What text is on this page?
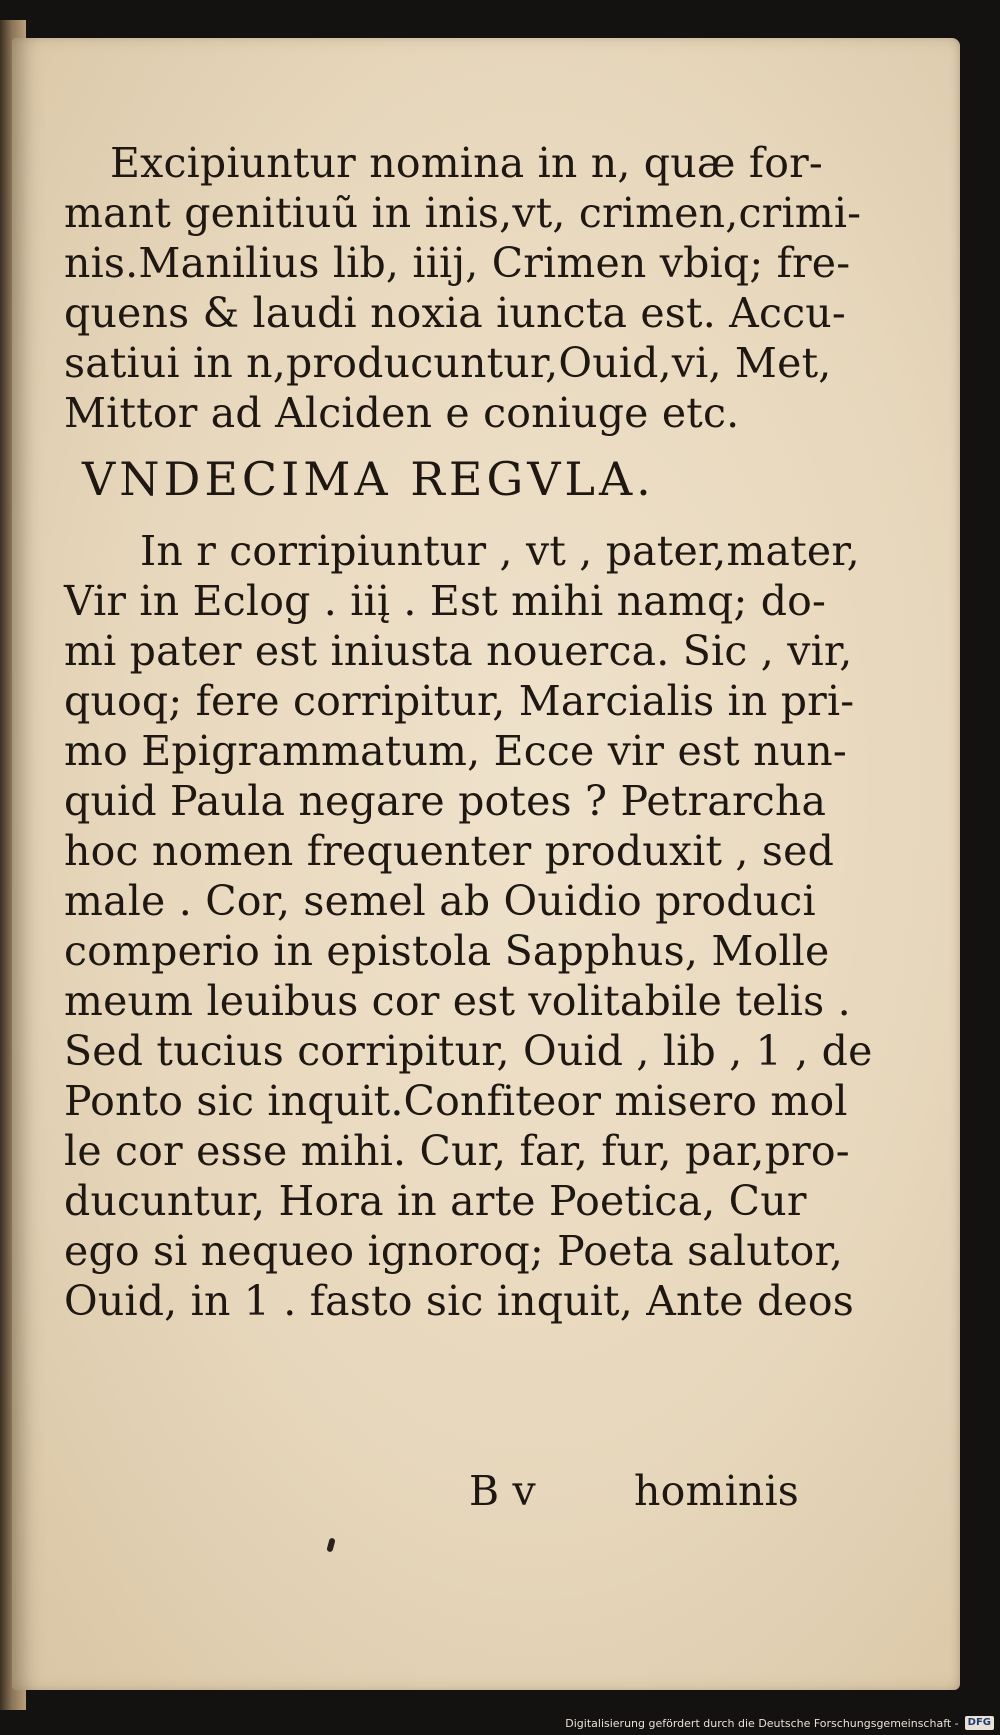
Excipiuntur nomina in n, quæ for-
mant genitiuũ in inis,vt, crimen,crimi-
nis.Manilius lib, iiij, Crimen vbiq; fre-
quens & laudi noxia iuncta est. Accu-
satiui in n,producuntur,Ouid,vi, Met,
Mittor ad Alciden e coniuge etc.
VNDECIMA REGVLA.
In r corripiuntur , vt , pater,mater,
Vir in Eclog . iiį . Est mihi namq; do-
mi pater est iniusta nouerca. Sic , vir,
quoq; fere corripitur, Marcialis in pri-
mo Epigrammatum, Ecce vir est nun-
quid Paula negare potes ? Petrarcha
hoc nomen frequenter produxit , sed
male . Cor, semel ab Ouidio produci
comperio in epistola Sapphus, Molle
meum leuibus cor est volitabile telis .
Sed tucius corripitur, Ouid , lib , 1 , de
Ponto sic inquit.Confiteor misero mol
le cor esse mihi. Cur, far, fur, par,pro-
ducuntur, Hora in arte Poetica, Cur
ego si nequeo ignoroq; Poeta salutor,
Ouid, in 1 . fasto sic inquit, Ante deos
B v hominis
Digitalisierung gefördert durch die Deutsche Forschungsgemeinschaft - DFG
